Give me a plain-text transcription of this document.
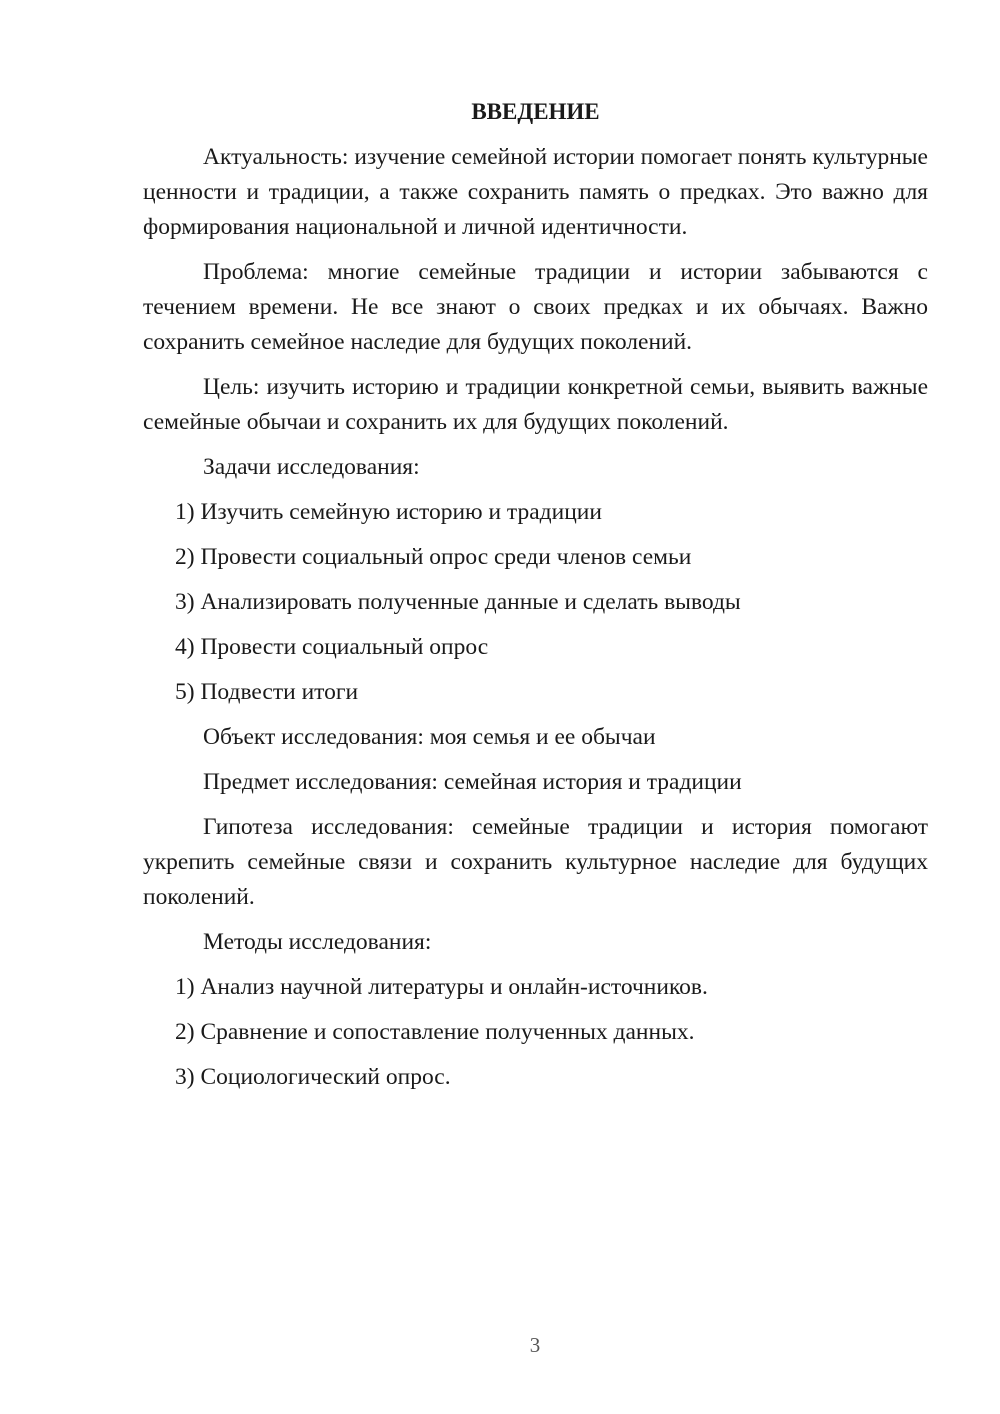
ВВЕДЕНИЕ

Актуальность: изучение семейной истории помогает понять культурные ценности и традиции, а также сохранить память о предках. Это важно для формирования национальной и личной идентичности.

Проблема: многие семейные традиции и истории забываются с течением времени. Не все знают о своих предках и их обычаях. Важно сохранить семейное наследие для будущих поколений.

Цель: изучить историю и традиции конкретной семьи, выявить важные семейные обычаи и сохранить их для будущих поколений.

Задачи исследования:

1) Изучить семейную историю и традиции

2) Провести социальный опрос среди членов семьи

3) Анализировать полученные данные и сделать выводы

4) Провести социальный опрос

5) Подвести итоги

Объект исследования: моя семья и ее обычаи

Предмет исследования: семейная история и традиции

Гипотеза исследования: семейные традиции и история помогают укрепить семейные связи и сохранить культурное наследие для будущих поколений.

Методы исследования:

1) Анализ научной литературы и онлайн-источников.

2) Сравнение и сопоставление полученных данных.

3) Социологический опрос.

3
